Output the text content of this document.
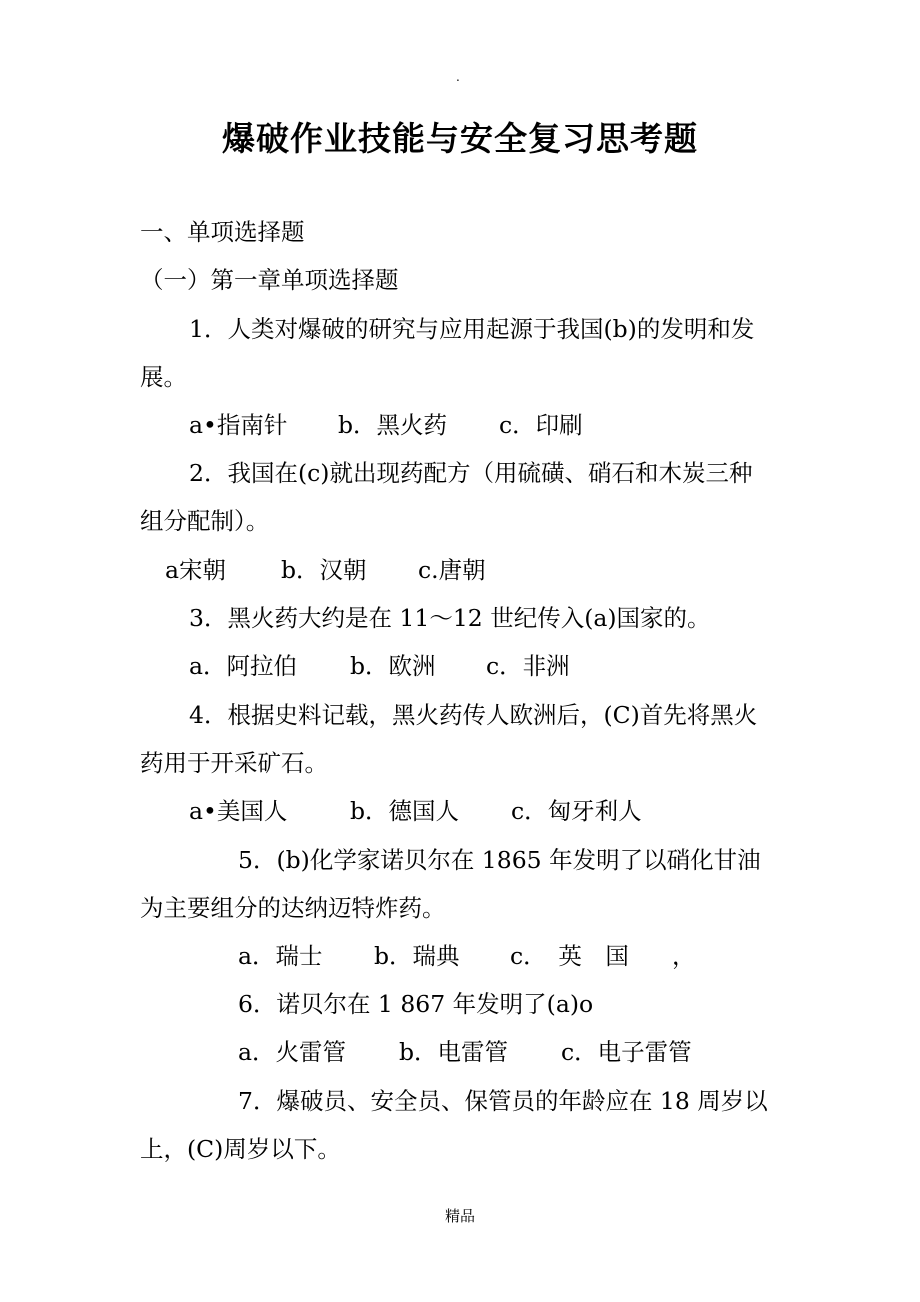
.
爆破作业技能与安全复习思考题
一、单项选择题
（一）第一章单项选择题
1．人类对爆破的研究与应用起源于我国(b)的发明和发
展。
a•指南针 b．黑火药 c．印刷
2．我国在(c)就出现药配方（用硫磺、硝石和木炭三种
组分配制）。
a宋朝 b．汉朝 c.唐朝
3．黑火药大约是在 11～12 世纪传入(a)国家的。
a．阿拉伯 b．欧洲 c．非洲
4．根据史料记载，黑火药传人欧洲后，(C)首先将黑火
药用于开采矿石。
a•美国人	b．德国人 c．匈牙利人
5．(b)化学家诺贝尔在 1865 年发明了以硝化甘油
为主要组分的达纳迈特炸药。
a．瑞士 b．瑞典 c．　英　国 ，
6．诺贝尔在 1 867 年发明了(a)o
a．火雷管 b．电雷管 c．电子雷管
7．爆破员、安全员、保管员的年龄应在 18 周岁以
上，(C)周岁以下。
精品
